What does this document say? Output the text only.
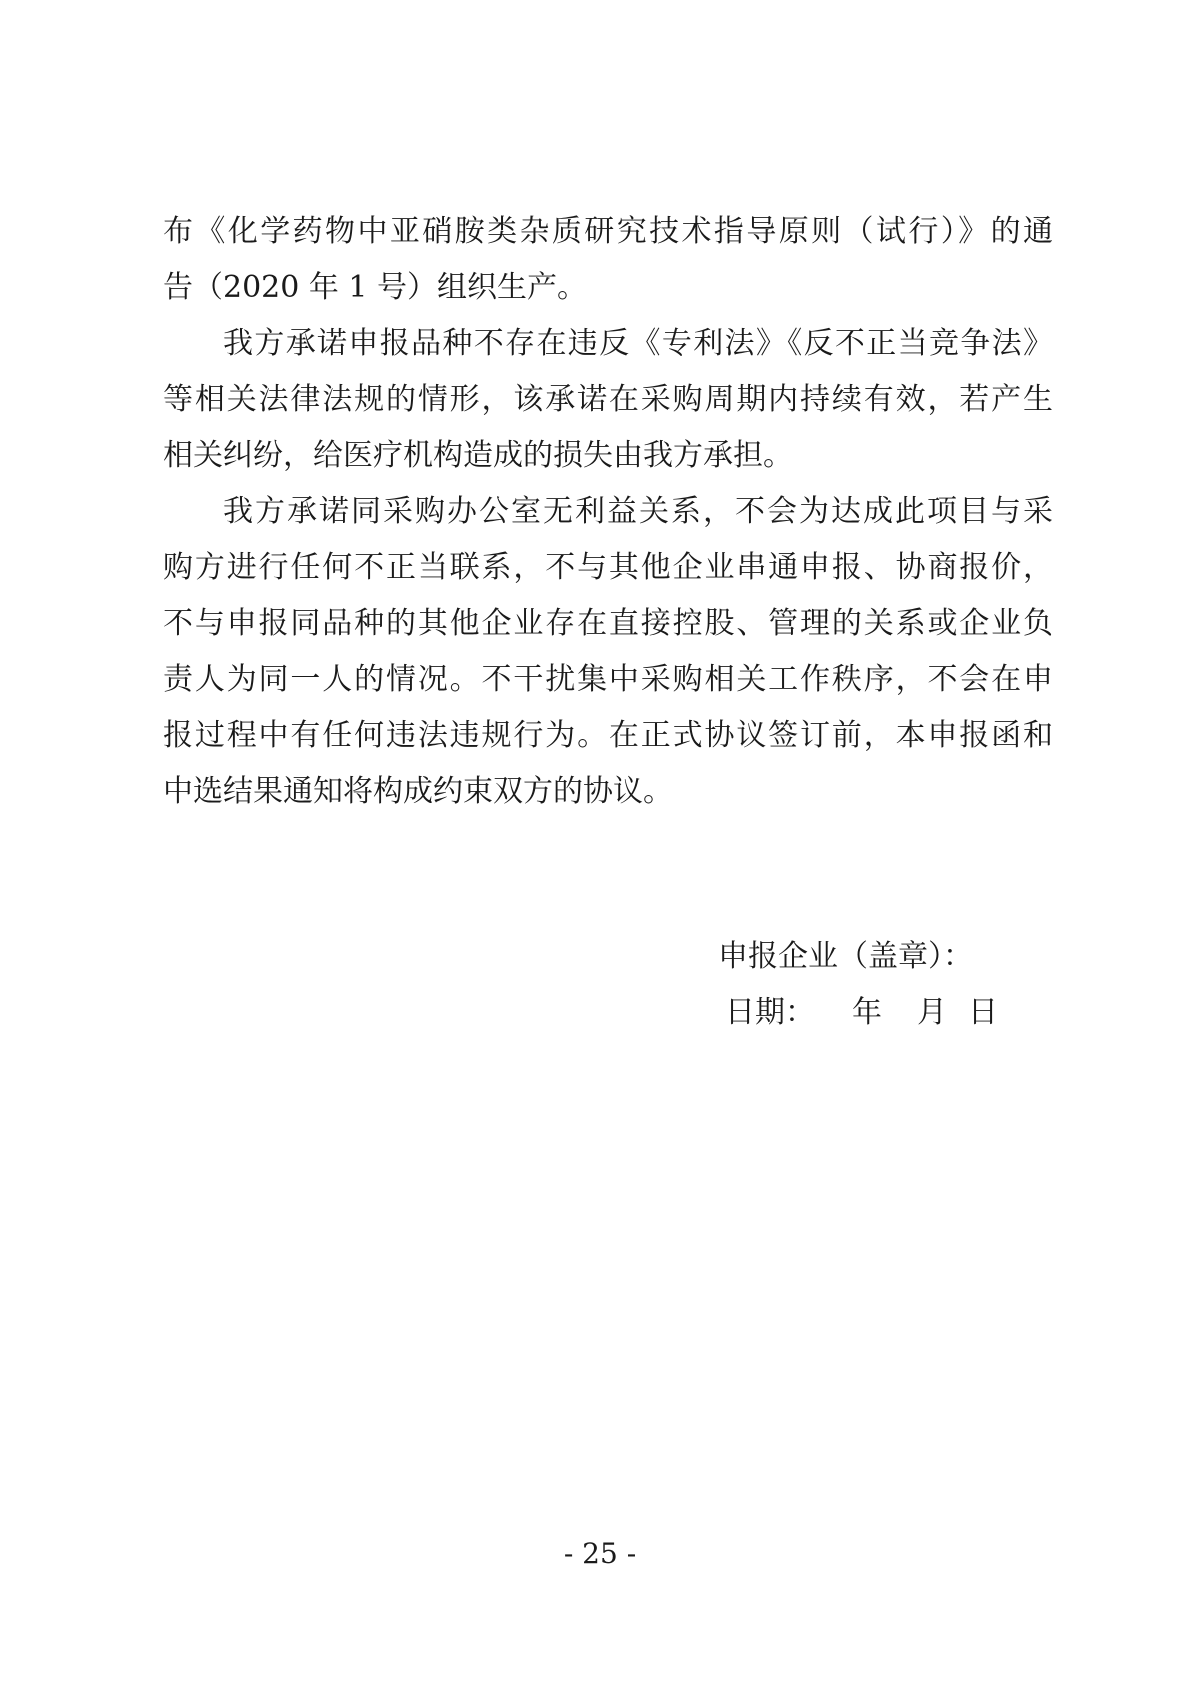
布《化学药物中亚硝胺类杂质研究技术指导原则（试行）》的通
告（2020 年 1 号）组织生产。
我方承诺申报品种不存在违反《专利法》《反不正当竞争法》
等相关法律法规的情形，该承诺在采购周期内持续有效，若产生
相关纠纷，给医疗机构造成的损失由我方承担。
我方承诺同采购办公室无利益关系，不会为达成此项目与采
购方进行任何不正当联系，不与其他企业串通申报、协商报价，
不与申报同品种的其他企业存在直接控股、管理的关系或企业负
责人为同一人的情况。不干扰集中采购相关工作秩序，不会在申
报过程中有任何违法违规行为。在正式协议签订前，本申报函和
中选结果通知将构成约束双方的协议。
申报企业（盖章）：
日期： 年 月 日
- 25 -
